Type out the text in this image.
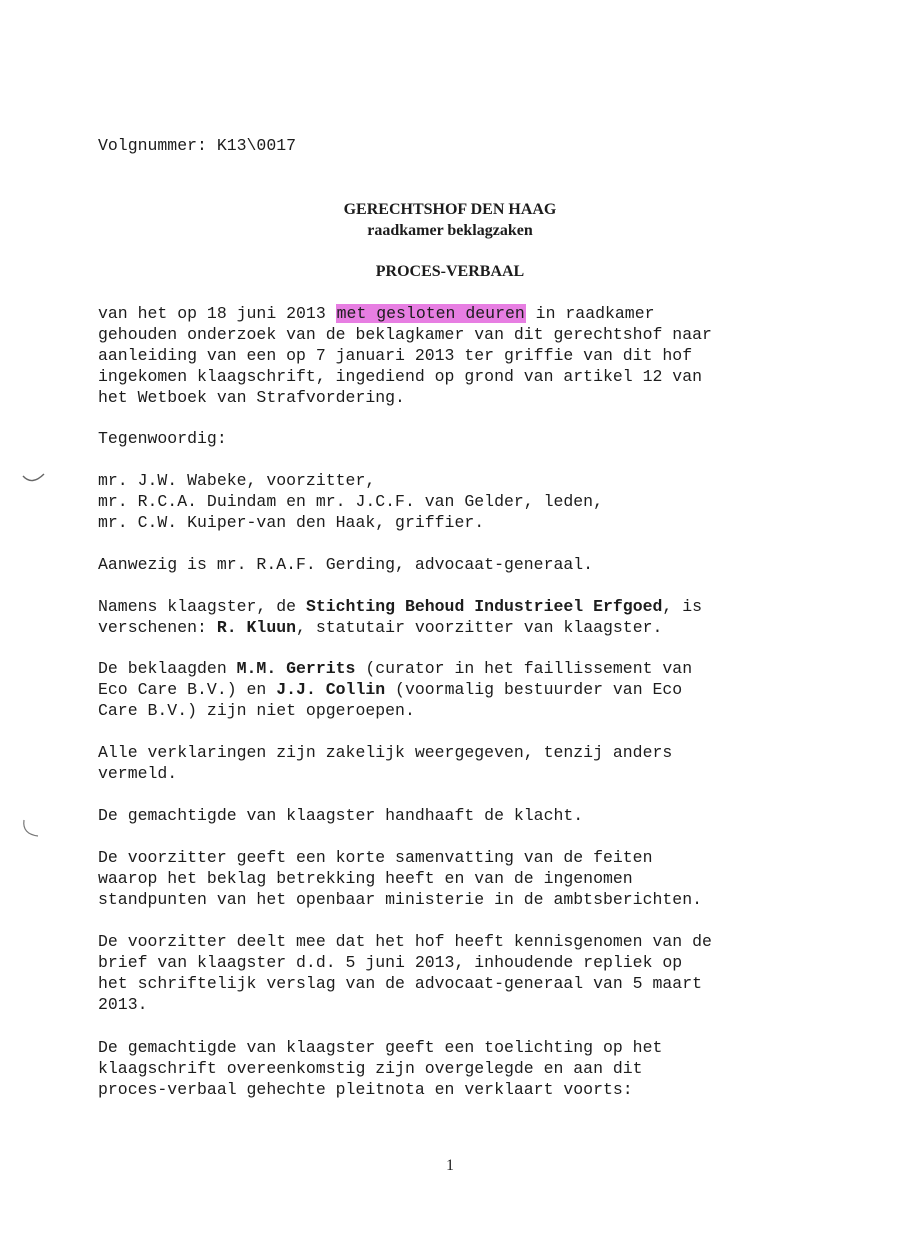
Volgnummer: K13\0017
GERECHTSHOF DEN HAAG
raadkamer beklagzaken
PROCES-VERBAAL
van het op 18 juni 2013 met gesloten deuren in raadkamer
gehouden onderzoek van de beklagkamer van dit gerechtshof naar
aanleiding van een op 7 januari 2013 ter griffie van dit hof
ingekomen klaagschrift, ingediend op grond van artikel 12 van
het Wetboek van Strafvordering.
Tegenwoordig:
mr. J.W. Wabeke, voorzitter,
mr. R.C.A. Duindam en mr. J.C.F. van Gelder, leden,
mr. C.W. Kuiper-van den Haak, griffier.
Aanwezig is mr. R.A.F. Gerding, advocaat-generaal.
Namens klaagster, de Stichting Behoud Industrieel Erfgoed, is
verschenen: R. Kluun, statutair voorzitter van klaagster.
De beklaagden M.M. Gerrits (curator in het faillissement van
Eco Care B.V.) en J.J. Collin (voormalig bestuurder van Eco
Care B.V.) zijn niet opgeroepen.
Alle verklaringen zijn zakelijk weergegeven, tenzij anders
vermeld.
De gemachtigde van klaagster handhaaft de klacht.
De voorzitter geeft een korte samenvatting van de feiten
waarop het beklag betrekking heeft en van de ingenomen
standpunten van het openbaar ministerie in de ambtsberichten.
De voorzitter deelt mee dat het hof heeft kennisgenomen van de
brief van klaagster d.d. 5 juni 2013, inhoudende repliek op
het schriftelijk verslag van de advocaat-generaal van 5 maart
2013.
De gemachtigde van klaagster geeft een toelichting op het
klaagschrift overeenkomstig zijn overgelegde en aan dit
proces-verbaal gehechte pleitnota en verklaart voorts:
1
